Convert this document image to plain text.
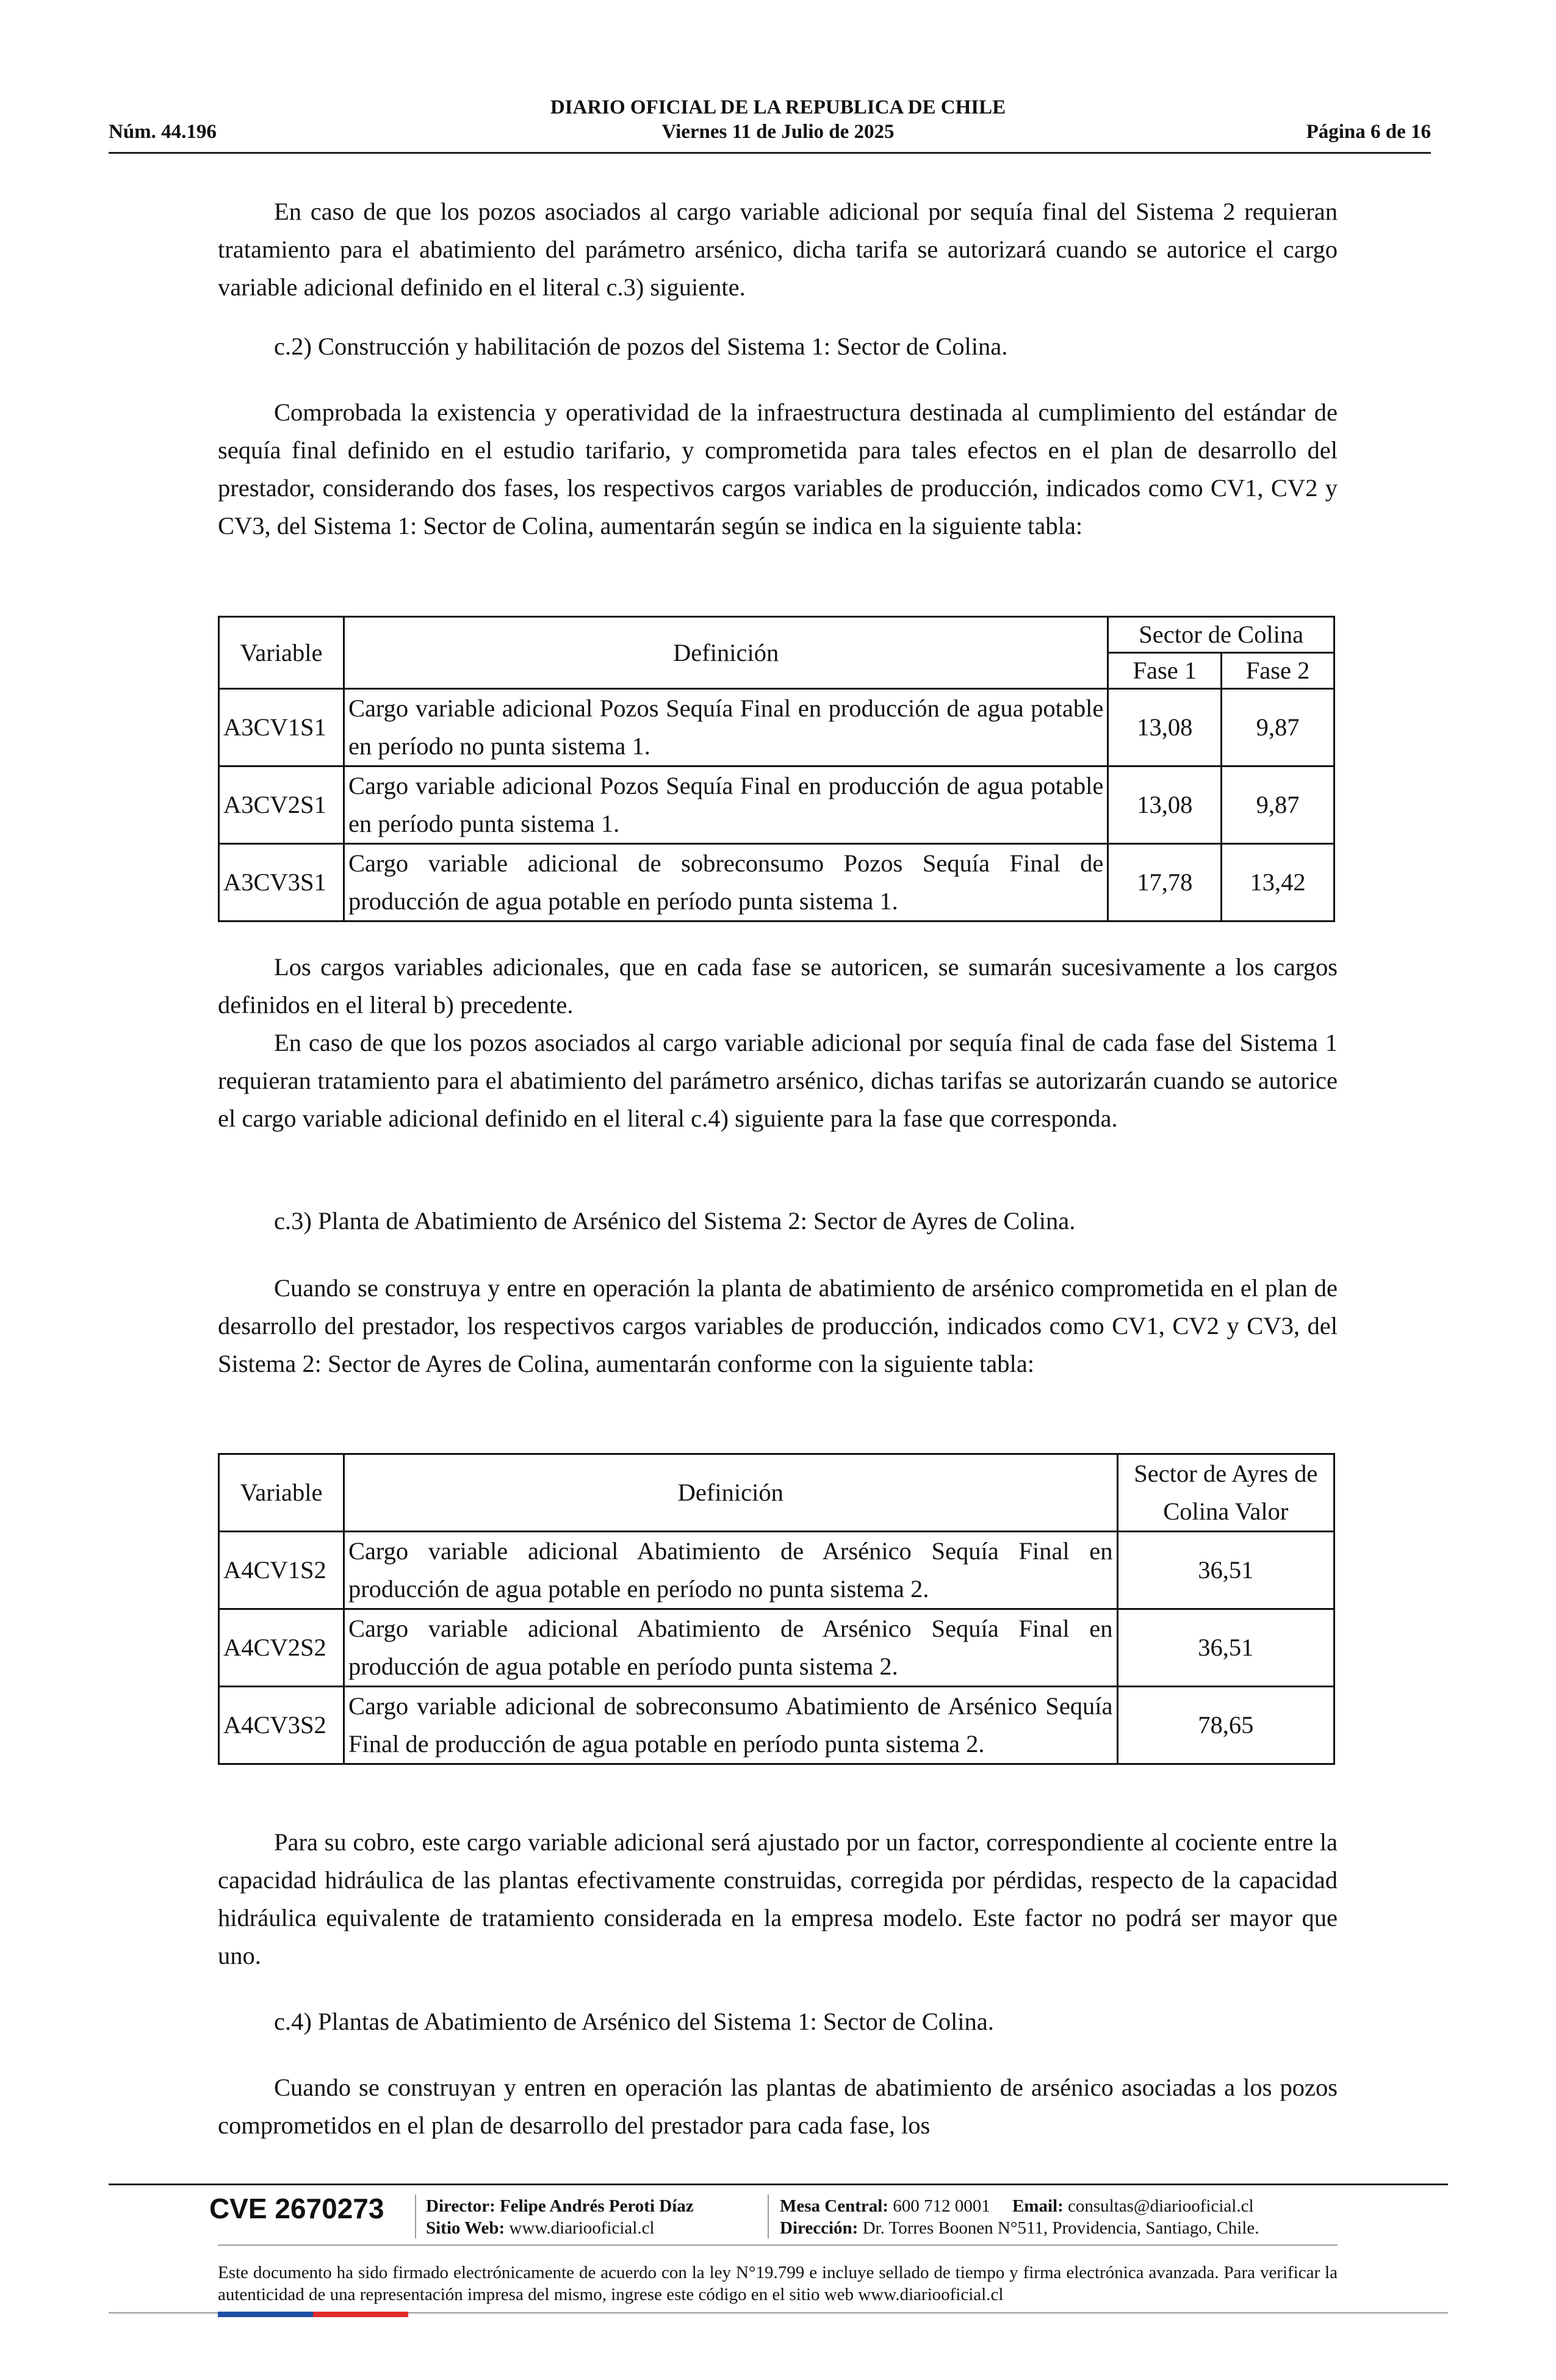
DIARIO OFICIAL DE LA REPUBLICA DE CHILE
Núm. 44.196	Viernes 11 de Julio de 2025	Página 6 de 16
En caso de que los pozos asociados al cargo variable adicional por sequía final del Sistema 2 requieran tratamiento para el abatimiento del parámetro arsénico, dicha tarifa se autorizará cuando se autorice el cargo variable adicional definido en el literal c.3) siguiente.
c.2) Construcción y habilitación de pozos del Sistema 1: Sector de Colina.
Comprobada la existencia y operatividad de la infraestructura destinada al cumplimiento del estándar de sequía final definido en el estudio tarifario, y comprometida para tales efectos en el plan de desarrollo del prestador, considerando dos fases, los respectivos cargos variables de producción, indicados como CV1, CV2 y CV3, del Sistema 1: Sector de Colina, aumentarán según se indica en la siguiente tabla:
Variable	Definición	Sector de Colina	
		Fase 1	Fase 2
A3CV1S1	Cargo variable adicional Pozos Sequía Final en producción de agua potable en período no punta sistema 1.	13,08	9,87
A3CV2S1	Cargo variable adicional Pozos Sequía Final en producción de agua potable en período punta sistema 1.	13,08	9,87
A3CV3S1	Cargo variable adicional de sobreconsumo Pozos Sequía Final de producción de agua potable en período punta sistema 1.	17,78	13,42
Los cargos variables adicionales, que en cada fase se autoricen, se sumarán sucesivamente a los cargos definidos en el literal b) precedente.
En caso de que los pozos asociados al cargo variable adicional por sequía final de cada fase del Sistema 1 requieran tratamiento para el abatimiento del parámetro arsénico, dichas tarifas se autorizarán cuando se autorice el cargo variable adicional definido en el literal c.4) siguiente para la fase que corresponda.
c.3) Planta de Abatimiento de Arsénico del Sistema 2: Sector de Ayres de Colina.
Cuando se construya y entre en operación la planta de abatimiento de arsénico comprometida en el plan de desarrollo del prestador, los respectivos cargos variables de producción, indicados como CV1, CV2 y CV3, del Sistema 2: Sector de Ayres de Colina, aumentarán conforme con la siguiente tabla:
Variable	Definición	Sector de Ayres de Colina Valor
A4CV1S2	Cargo variable adicional Abatimiento de Arsénico Sequía Final en producción de agua potable en período no punta sistema 2.	36,51
A4CV2S2	Cargo variable adicional Abatimiento de Arsénico Sequía Final en producción de agua potable en período punta sistema 2.	36,51
A4CV3S2	Cargo variable adicional de sobreconsumo Abatimiento de Arsénico Sequía Final de producción de agua potable en período punta sistema 2.	78,65
Para su cobro, este cargo variable adicional será ajustado por un factor, correspondiente al cociente entre la capacidad hidráulica de las plantas efectivamente construidas, corregida por pérdidas, respecto de la capacidad hidráulica equivalente de tratamiento considerada en la empresa modelo. Este factor no podrá ser mayor que uno.
c.4) Plantas de Abatimiento de Arsénico del Sistema 1: Sector de Colina.
Cuando se construyan y entren en operación las plantas de abatimiento de arsénico asociadas a los pozos comprometidos en el plan de desarrollo del prestador para cada fase, los
CVE 2670273 Director: Felipe Andrés Peroti Díaz
Sitio Web: www.diariooficial.cl
Mesa Central: 600 712 0001 Email: consultas@diariooficial.cl
Dirección: Dr. Torres Boonen N°511, Providencia, Santiago, Chile.
Este documento ha sido firmado electrónicamente de acuerdo con la ley N°19.799 e incluye sellado de tiempo y firma electrónica avanzada. Para verificar la autenticidad de una representación impresa del mismo, ingrese este código en el sitio web www.diariooficial.cl
